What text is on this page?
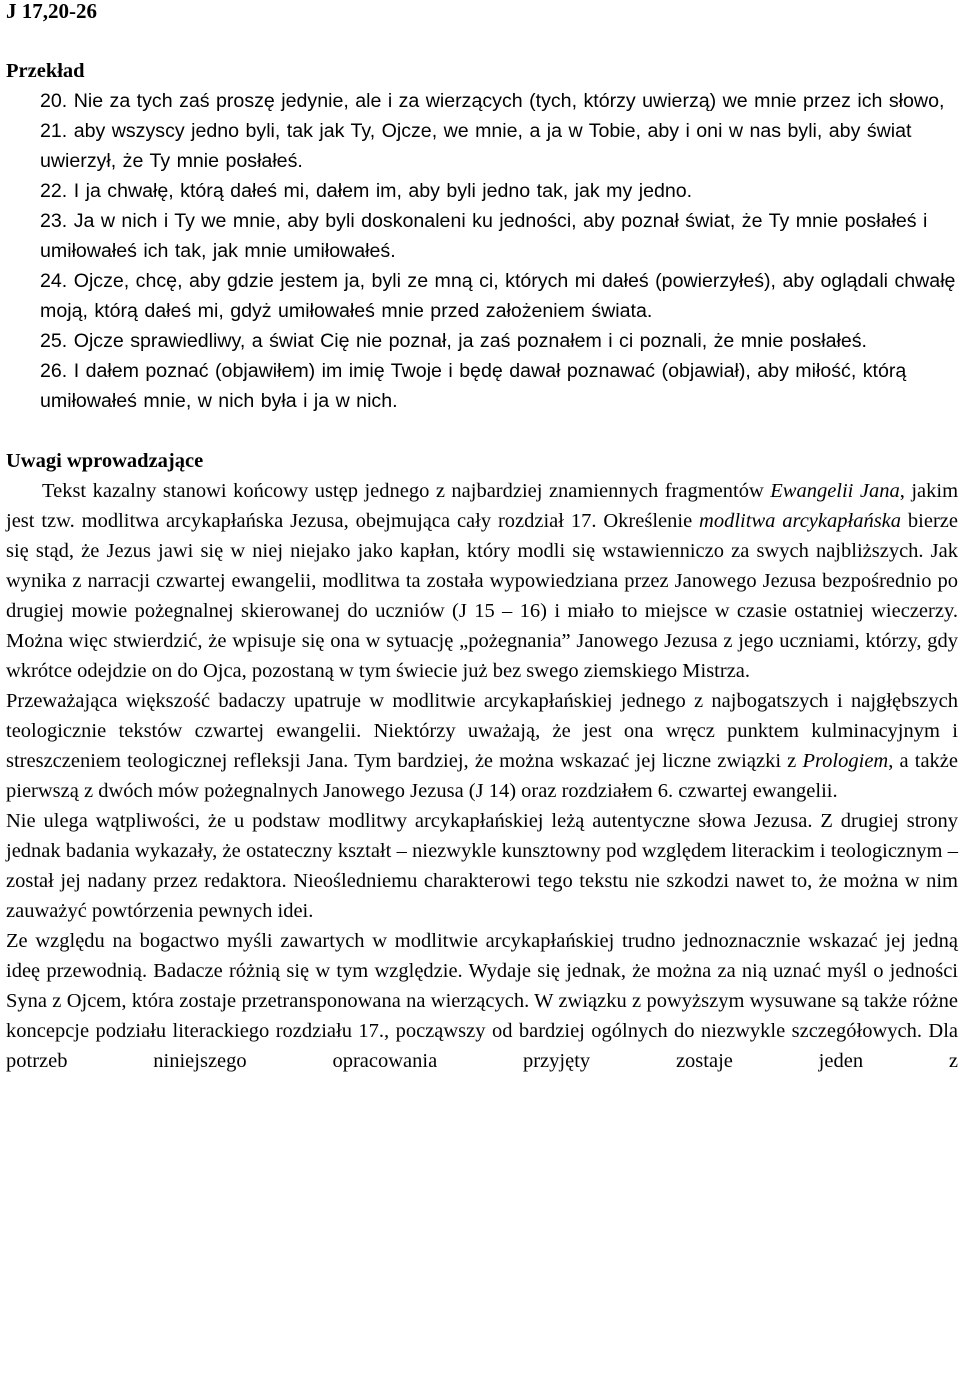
J 17,20-26

Przekład

20. Nie za tych zaś proszę jedynie, ale i za wierzących (tych, którzy uwierzą) we mnie przez ich słowo,

21. aby wszyscy jedno byli, tak jak Ty, Ojcze, we mnie, a ja w Tobie, aby i oni w nas byli, aby świat uwierzył, że Ty mnie posłałeś.

22. I ja chwałę, którą dałeś mi, dałem im, aby byli jedno tak, jak my jedno.

23. Ja w nich i Ty we mnie, aby byli doskonaleni ku jedności, aby poznał świat, że Ty mnie posłałeś i umiłowałeś ich tak, jak mnie umiłowałeś.

24. Ojcze, chcę, aby gdzie jestem ja, byli ze mną ci, których mi dałeś (powierzyłeś), aby oglądali chwałę moją, którą dałeś mi, gdyż umiłowałeś mnie przed założeniem świata.

25. Ojcze sprawiedliwy, a świat Cię nie poznał, ja zaś poznałem i ci poznali, że mnie posłałeś.

26. I dałem poznać (objawiłem) im imię Twoje i będę dawał poznawać (objawiał), aby miłość, którą umiłowałeś mnie, w nich była i ja w nich.

Uwagi wprowadzające

Tekst kazalny stanowi końcowy ustęp jednego z najbardziej znamiennych fragmentów Ewangelii Jana, jakim jest tzw. modlitwa arcykapłańska Jezusa, obejmująca cały rozdział 17. Określenie modlitwa arcykapłańska bierze się stąd, że Jezus jawi się w niej niejako jako kapłan, który modli się wstawienniczo za swych najbliższych. Jak wynika z narracji czwartej ewangelii, modlitwa ta została wypowiedziana przez Janowego Jezusa bezpośrednio po drugiej mowie pożegnalnej skierowanej do uczniów (J 15 – 16) i miało to miejsce w czasie ostatniej wieczerzy. Można więc stwierdzić, że wpisuje się ona w sytuację „pożegnania” Janowego Jezusa z jego uczniami, którzy, gdy wkrótce odejdzie on do Ojca, pozostaną w tym świecie już bez swego ziemskiego Mistrza.

Przeważająca większość badaczy upatruje w modlitwie arcykapłańskiej jednego z najbogatszych i najgłębszych teologicznie tekstów czwartej ewangelii. Niektórzy uważają, że jest ona wręcz punktem kulminacyjnym i streszczeniem teologicznej refleksji Jana. Tym bardziej, że można wskazać jej liczne związki z Prologiem, a także pierwszą z dwóch mów pożegnalnych Janowego Jezusa (J 14) oraz rozdziałem 6. czwartej ewangelii.

Nie ulega wątpliwości, że u podstaw modlitwy arcykapłańskiej leżą autentyczne słowa Jezusa. Z drugiej strony jednak badania wykazały, że ostateczny kształt – niezwykle kunsztowny pod względem literackim i teologicznym – został jej nadany przez redaktora. Nieośledniemu charakterowi tego tekstu nie szkodzi nawet to, że można w nim zauważyć powtórzenia pewnych idei.

Ze względu na bogactwo myśli zawartych w modlitwie arcykapłańskiej trudno jednoznacznie wskazać jej jedną ideę przewodnią. Badacze różnią się w tym względzie. Wydaje się jednak, że można za nią uznać myśl o jedności Syna z Ojcem, która zostaje przetransponowana na wierzących. W związku z powyższym wysuwane są także różne koncepcje podziału literackiego rozdziału 17., począwszy od bardziej ogólnych do niezwykle szczegółowych. Dla potrzeb niniejszego opracowania przyjęty zostaje jeden z
